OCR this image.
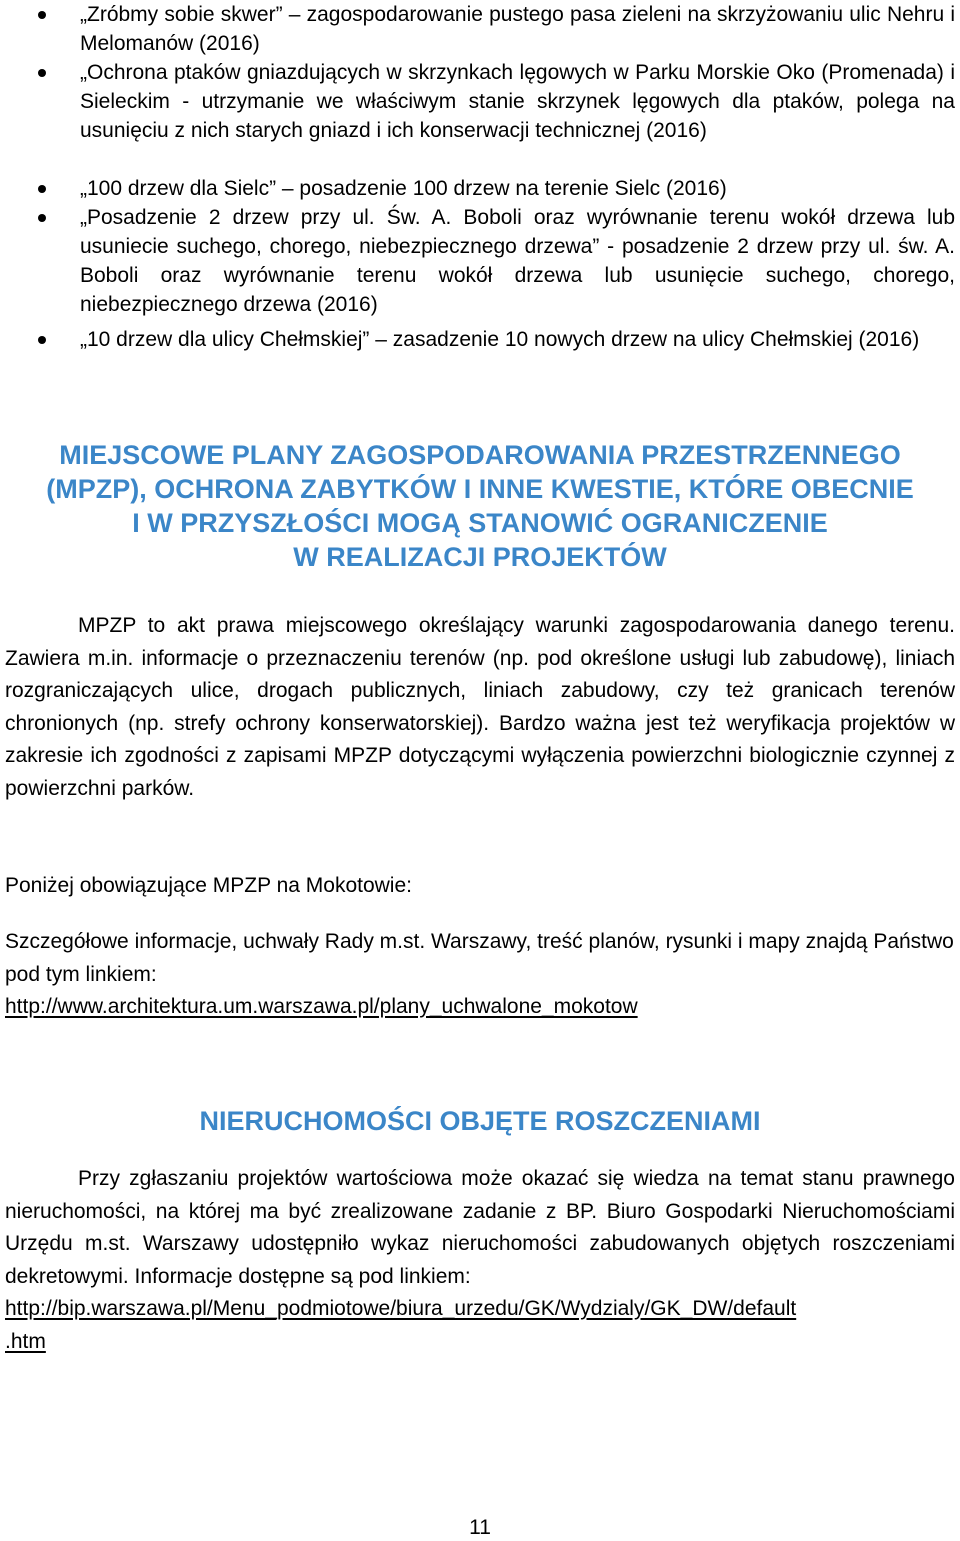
„Zróbmy sobie skwer” – zagospodarowanie pustego pasa zieleni na skrzyżowaniu ulic Nehru i Melomanów (2016)
„Ochrona ptaków gniazdujących w skrzynkach lęgowych w Parku Morskie Oko (Promenada) i Sieleckim - utrzymanie we właściwym stanie skrzynek lęgowych dla ptaków, polega na usunięciu z nich starych gniazd i ich konserwacji technicznej (2016)
„100 drzew dla Sielc” – posadzenie 100 drzew na terenie Sielc (2016)
„Posadzenie 2 drzew przy ul. Św. A. Boboli oraz wyrównanie terenu wokół drzewa lub usuniecie suchego, chorego, niebezpiecznego drzewa” - posadzenie 2 drzew przy ul. św. A. Boboli oraz wyrównanie terenu wokół drzewa lub usunięcie suchego, chorego, niebezpiecznego drzewa (2016)
„10 drzew dla ulicy Chełmskiej” – zasadzenie 10 nowych drzew na ulicy Chełmskiej (2016)
MIEJSCOWE PLANY ZAGOSPODAROWANIA PRZESTRZENNEGO
(MPZP), OCHRONA ZABYTKÓW I INNE KWESTIE, KTÓRE OBECNIE
I W PRZYSZŁOŚCI MOGĄ STANOWIĆ OGRANICZENIE
W REALIZACJI PROJEKTÓW

MPZP to akt prawa miejscowego określający warunki zagospodarowania danego terenu. Zawiera m.in. informacje o przeznaczeniu terenów (np. pod określone usługi lub zabudowę), liniach rozgraniczających ulice, drogach publicznych, liniach zabudowy, czy też granicach terenów chronionych (np. strefy ochrony konserwatorskiej). Bardzo ważna jest też weryfikacja projektów w zakresie ich zgodności z zapisami MPZP dotyczącymi wyłączenia powierzchni biologicznie czynnej z powierzchni parków.

Poniżej obowiązujące MPZP na Mokotowie:

Szczegółowe informacje, uchwały Rady m.st. Warszawy, treść planów, rysunki i mapy znajdą Państwo pod tym linkiem:
http://www.architektura.um.warszawa.pl/plany_uchwalone_mokotow

NIERUCHOMOŚCI OBJĘTE ROSZCZENIAMI

Przy zgłaszaniu projektów wartościowa może okazać się wiedza na temat stanu prawnego nieruchomości, na której ma być zrealizowane zadanie z BP. Biuro Gospodarki Nieruchomościami Urzędu m.st. Warszawy udostępniło wykaz nieruchomości zabudowanych objętych roszczeniami dekretowymi. Informacje dostępne są pod linkiem:
http://bip.warszawa.pl/Menu_podmiotowe/biura_urzedu/GK/Wydzialy/GK_DW/default
.htm

11
